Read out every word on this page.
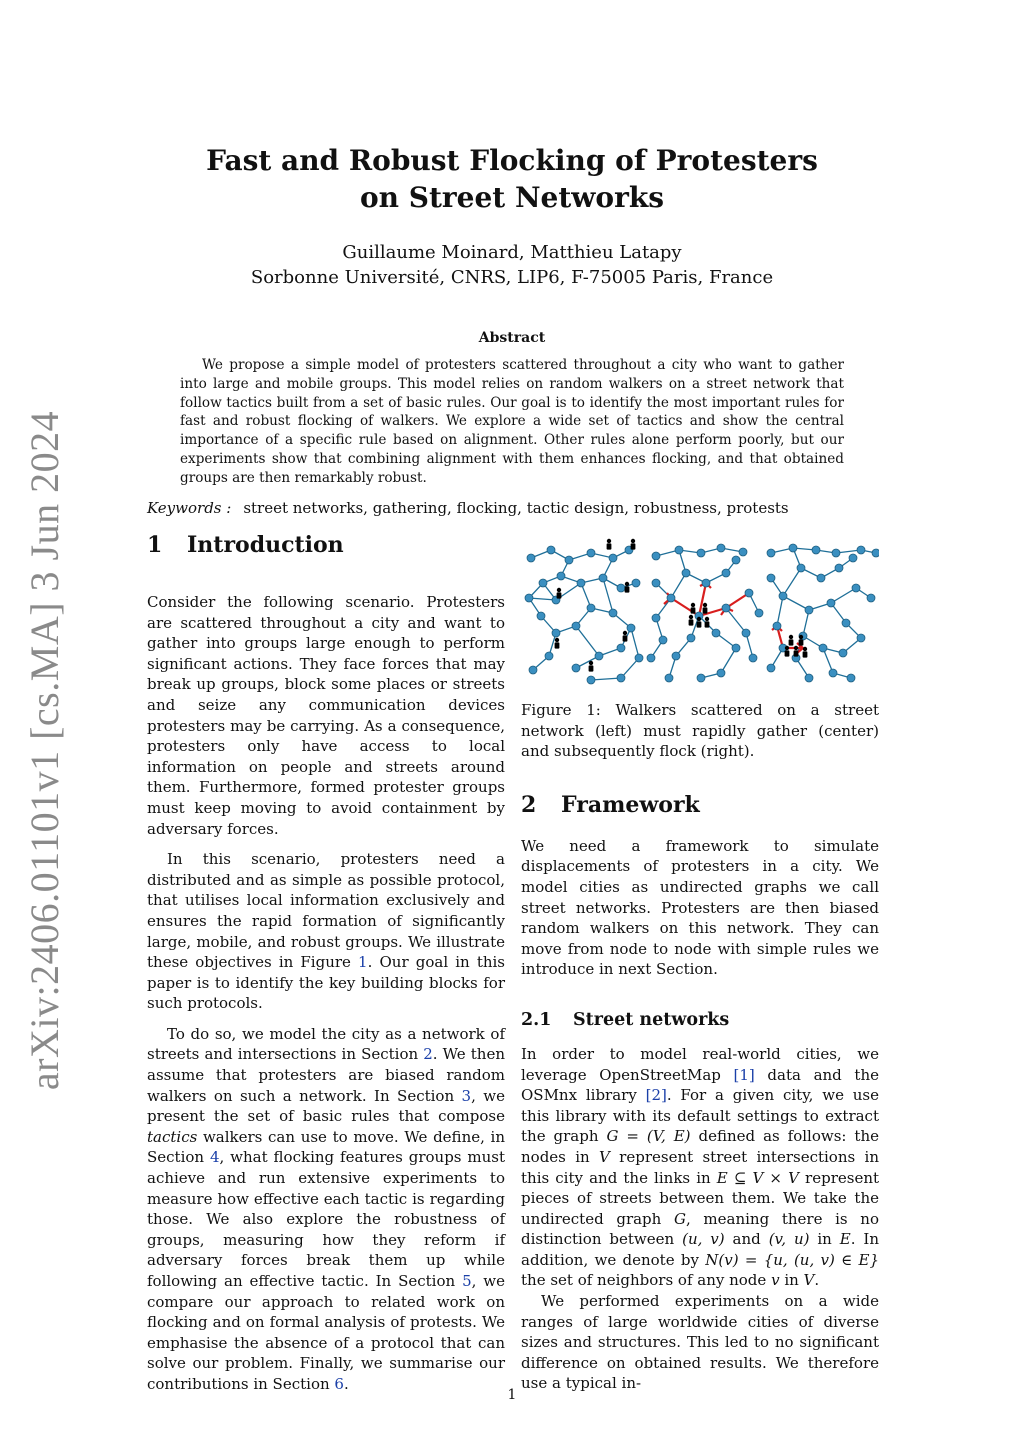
arXiv:2406.01101v1 [cs.MA] 3 Jun 2024
Fast and Robust Flocking of Protesters
on Street Networks
Guillaume Moinard, Matthieu Latapy
Sorbonne Université, CNRS, LIP6, F-75005 Paris, France
Abstract

We propose a simple model of protesters scattered throughout a city who want to gather into large and mobile groups. This model relies on random walkers on a street network that follow tactics built from a set of basic rules. Our goal is to identify the most important rules for fast and robust flocking of walkers. We explore a wide set of tactics and show the central importance of a specific rule based on alignment. Other rules alone perform poorly, but our experiments show that combining alignment with them enhances flocking, and that obtained groups are then remarkably robust.

Keywords : street networks, gathering, flocking, tactic design, robustness, protests
1 Introduction

Consider the following scenario. Protesters are scattered throughout a city and want to gather into groups large enough to perform significant actions. They face forces that may break up groups, block some places or streets and seize any communication devices protesters may be carrying. As a consequence, protesters only have access to local information on people and streets around them. Furthermore, formed protester groups must keep moving to avoid containment by adversary forces.

In this scenario, protesters need a distributed and as simple as possible protocol, that utilises local information exclusively and ensures the rapid formation of significantly large, mobile, and robust groups. We illustrate these objectives in Figure 1. Our goal in this paper is to identify the key building blocks for such protocols.

To do so, we model the city as a network of streets and intersections in Section 2. We then assume that protesters are biased random walkers on such a network. In Section 3, we present the set of basic rules that compose tactics walkers can use to move. We define, in Section 4, what flocking features groups must achieve and run extensive experiments to measure how effective each tactic is regarding those. We also explore the robustness of groups, measuring how they reform if adversary forces break them up while following an effective tactic. In Section 5, we compare our approach to related work on flocking and on formal analysis of protests. We emphasise the absence of a protocol that can solve our problem. Finally, we summarise our contributions in Section 6.

Figure 1: Walkers scattered on a street network (left) must rapidly gather (center) and subsequently flock (right).

2 Framework

We need a framework to simulate displacements of protesters in a city. We model cities as undirected graphs we call street networks. Protesters are then biased random walkers on this network. They can move from node to node with simple rules we introduce in next Section.

2.1 Street networks

In order to model real-world cities, we leverage OpenStreetMap [1] data and the OSMnx library [2]. For a given city, we use this library with its default settings to extract the graph G = (V, E) defined as follows: the nodes in V represent street intersections in this city and the links in E ⊆ V × V represent pieces of streets between them. We take the undirected graph G, meaning there is no distinction between (u, v) and (v, u) in E. In addition, we denote by N(v) = {u, (u, v) ∈ E} the set of neighbors of any node v in V.

We performed experiments on a wide ranges of large worldwide cities of diverse sizes and structures. This led to no significant difference on obtained results. We therefore use a typical in-

1
